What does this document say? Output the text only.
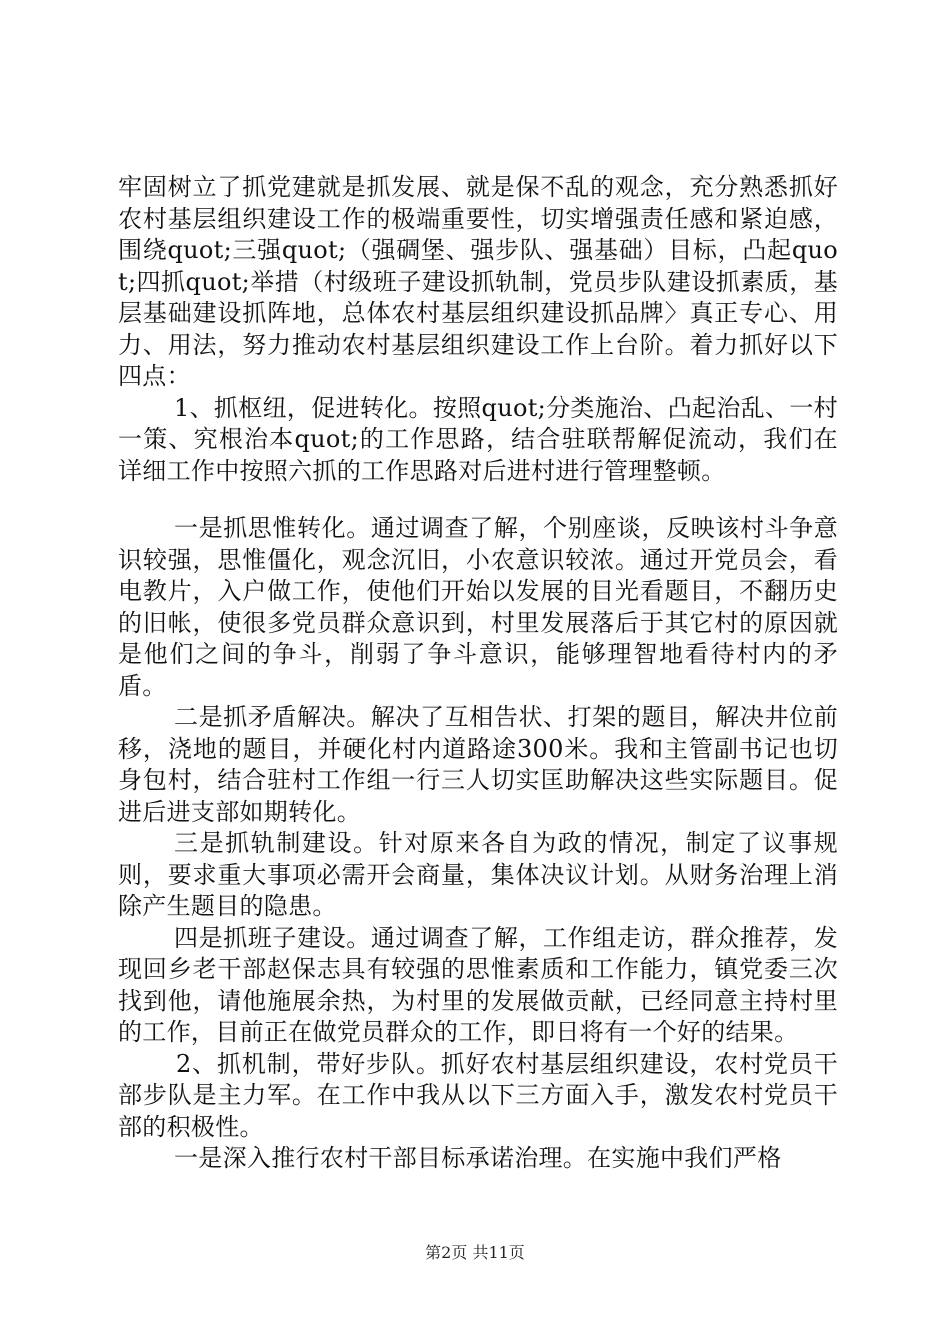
牢固树立了抓党建就是抓发展、就是保不乱的观念，充分熟悉抓好农村基层组织建设工作的极端重要性，切实增强责任感和紧迫感，围绕quot;三强quot;（强碉堡、强步队、强基础）目标，凸起quot;四抓quot;举措（村级班子建设抓轨制，党员步队建设抓素质，基层基础建设抓阵地，总体农村基层组织建设抓品牌〉真正专心、用力、用法，努力推动农村基层组织建设工作上台阶。着力抓好以下四点：

1、抓枢纽，促进转化。按照quot;分类施治、凸起治乱、一村一策、究根治本quot;的工作思路，结合驻联帮解促流动，我们在详细工作中按照六抓的工作思路对后进村进行管理整顿。

一是抓思惟转化。通过调查了解，个别座谈，反映该村斗争意识较强，思惟僵化，观念沉旧，小农意识较浓。通过开党员会，看电教片，入户做工作，使他们开始以发展的目光看题目，不翻历史的旧帐，使很多党员群众意识到，村里发展落后于其它村的原因就是他们之间的争斗，削弱了争斗意识，能够理智地看待村内的矛盾。

二是抓矛盾解决。解决了互相告状、打架的题目，解决井位前移，浇地的题目，并硬化村内道路途300米。我和主管副书记也切身包村，结合驻村工作组一行三人切实匡助解决这些实际题目。促进后进支部如期转化。

三是抓轨制建设。针对原来各自为政的情况，制定了议事规则，要求重大事项必需开会商量，集体决议计划。从财务治理上消除产生题目的隐患。

四是抓班子建设。通过调查了解，工作组走访，群众推荐，发现回乡老干部赵保志具有较强的思惟素质和工作能力，镇党委三次找到他，请他施展余热，为村里的发展做贡献，已经同意主持村里的工作，目前正在做党员群众的工作，即日将有一个好的结果。

2、抓机制，带好步队。抓好农村基层组织建设，农村党员干部步队是主力军。在工作中我从以下三方面入手，激发农村党员干部的积极性。

一是深入推行农村干部目标承诺治理。在实施中我们严格

第2页 共11页
